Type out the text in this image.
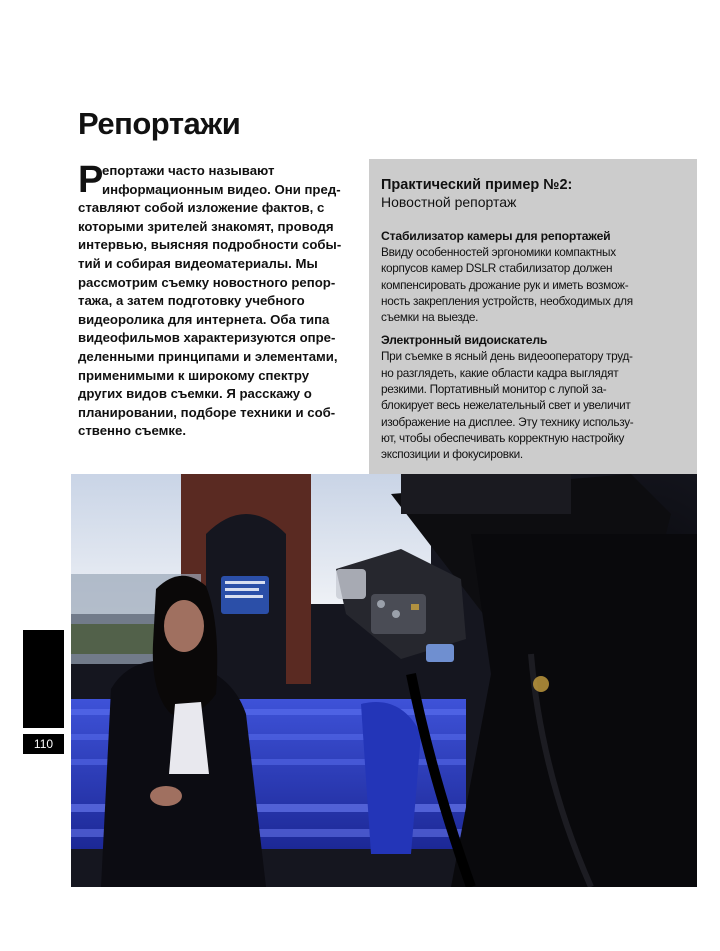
Репортажи
Р
епортажи часто называют
информационным видео. Они пред-
ставляют собой изложение фактов, с
которыми зрителей знакомят, проводя
интервью, выясняя подробности собы-
тий и собирая видеоматериалы. Мы
рассмотрим съемку новостного репор-
тажа, а затем подготовку учебного
видеоролика для интернета. Оба типа
видеофильмов характеризуются опре-
деленными принципами и элементами,
применимыми к широкому спектру
других видов съемки. Я расскажу о
планировании, подборе техники и соб-
ственно съемке.
Практический пример №2:
Новостной репортаж
Стабилизатор камеры для репортажей
Ввиду особенностей эргономики компактных
корпусов камер DSLR стабилизатор должен
компенсировать дрожание рук и иметь возмож-
ность закрепления устройств, необходимых для
съемки на выезде.
Электронный видоискатель
При съемке в ясный день видеооператору труд-
но разглядеть, какие области кадра выглядят
резкими. Портативный монитор с лупой за-
блокирует весь нежелательный свет и увеличит
изображение на дисплее. Эту технику использу-
ют, чтобы обеспечивать корректную настройку
экспозиции и фокусировки.
110
